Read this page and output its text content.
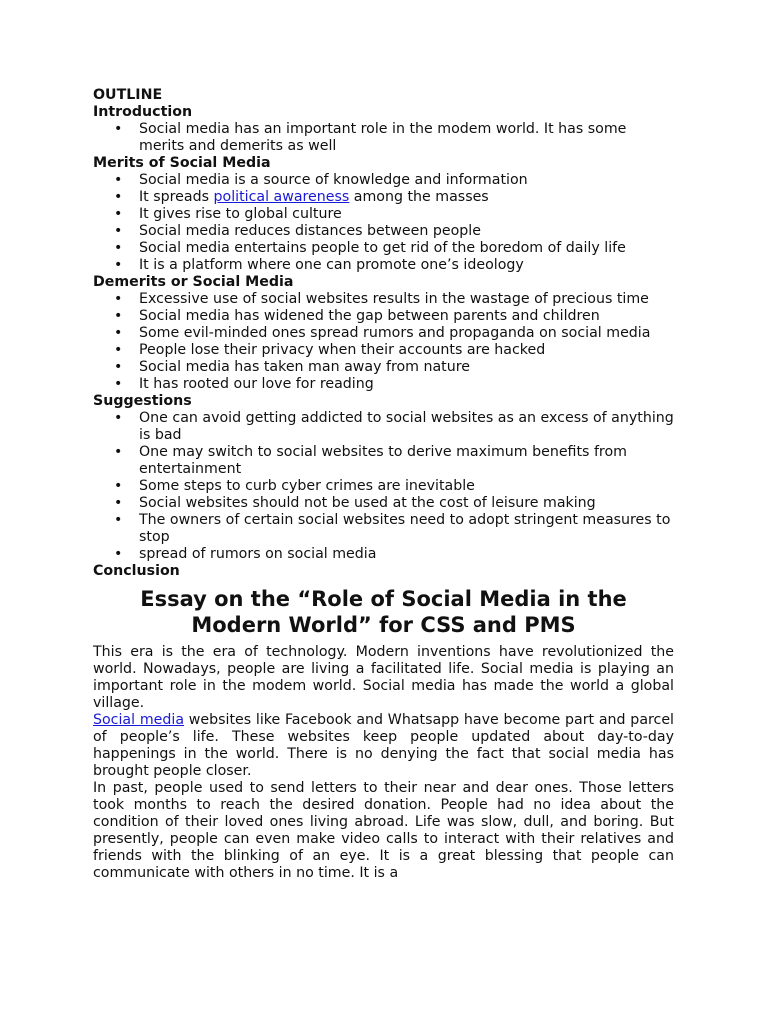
OUTLINE
Introduction
• Social media has an important role in the modem world. It has some merits and demerits as well
Merits of Social Media
• Social media is a source of knowledge and information
• It spreads political awareness among the masses
• It gives rise to global culture
• Social media reduces distances between people
• Social media entertains people to get rid of the boredom of daily life
• It is a platform where one can promote one’s ideology
Demerits or Social Media
• Excessive use of social websites results in the wastage of precious time
• Social media has widened the gap between parents and children
• Some evil-minded ones spread rumors and propaganda on social media
• People lose their privacy when their accounts are hacked
• Social media has taken man away from nature
• It has rooted our love for reading
Suggestions
• One can avoid getting addicted to social websites as an excess of anything is bad
• One may switch to social websites to derive maximum benefits from entertainment
• Some steps to curb cyber crimes are inevitable
• Social websites should not be used at the cost of leisure making
• The owners of certain social websites need to adopt stringent measures to stop
• spread of rumors on social media
Conclusion
Essay on the “Role of Social Media in the Modern World” for CSS and PMS

This era is the era of technology. Modern inventions have revolutionized the world. Nowadays, people are living a facilitated life. Social media is playing an important role in the modem world. Social media has made the world a global village.

Social media websites like Facebook and Whatsapp have become part and parcel of people’s life. These websites keep people updated about day-to-day happenings in the world. There is no denying the fact that social media has brought people closer.

In past, people used to send letters to their near and dear ones. Those letters took months to reach the desired donation. People had no idea about the condition of their loved ones living abroad. Life was slow, dull, and boring. But presently, people can even make video calls to interact with their relatives and friends with the blinking of an eye. It is a great blessing that people can communicate with others in no time. It is a
